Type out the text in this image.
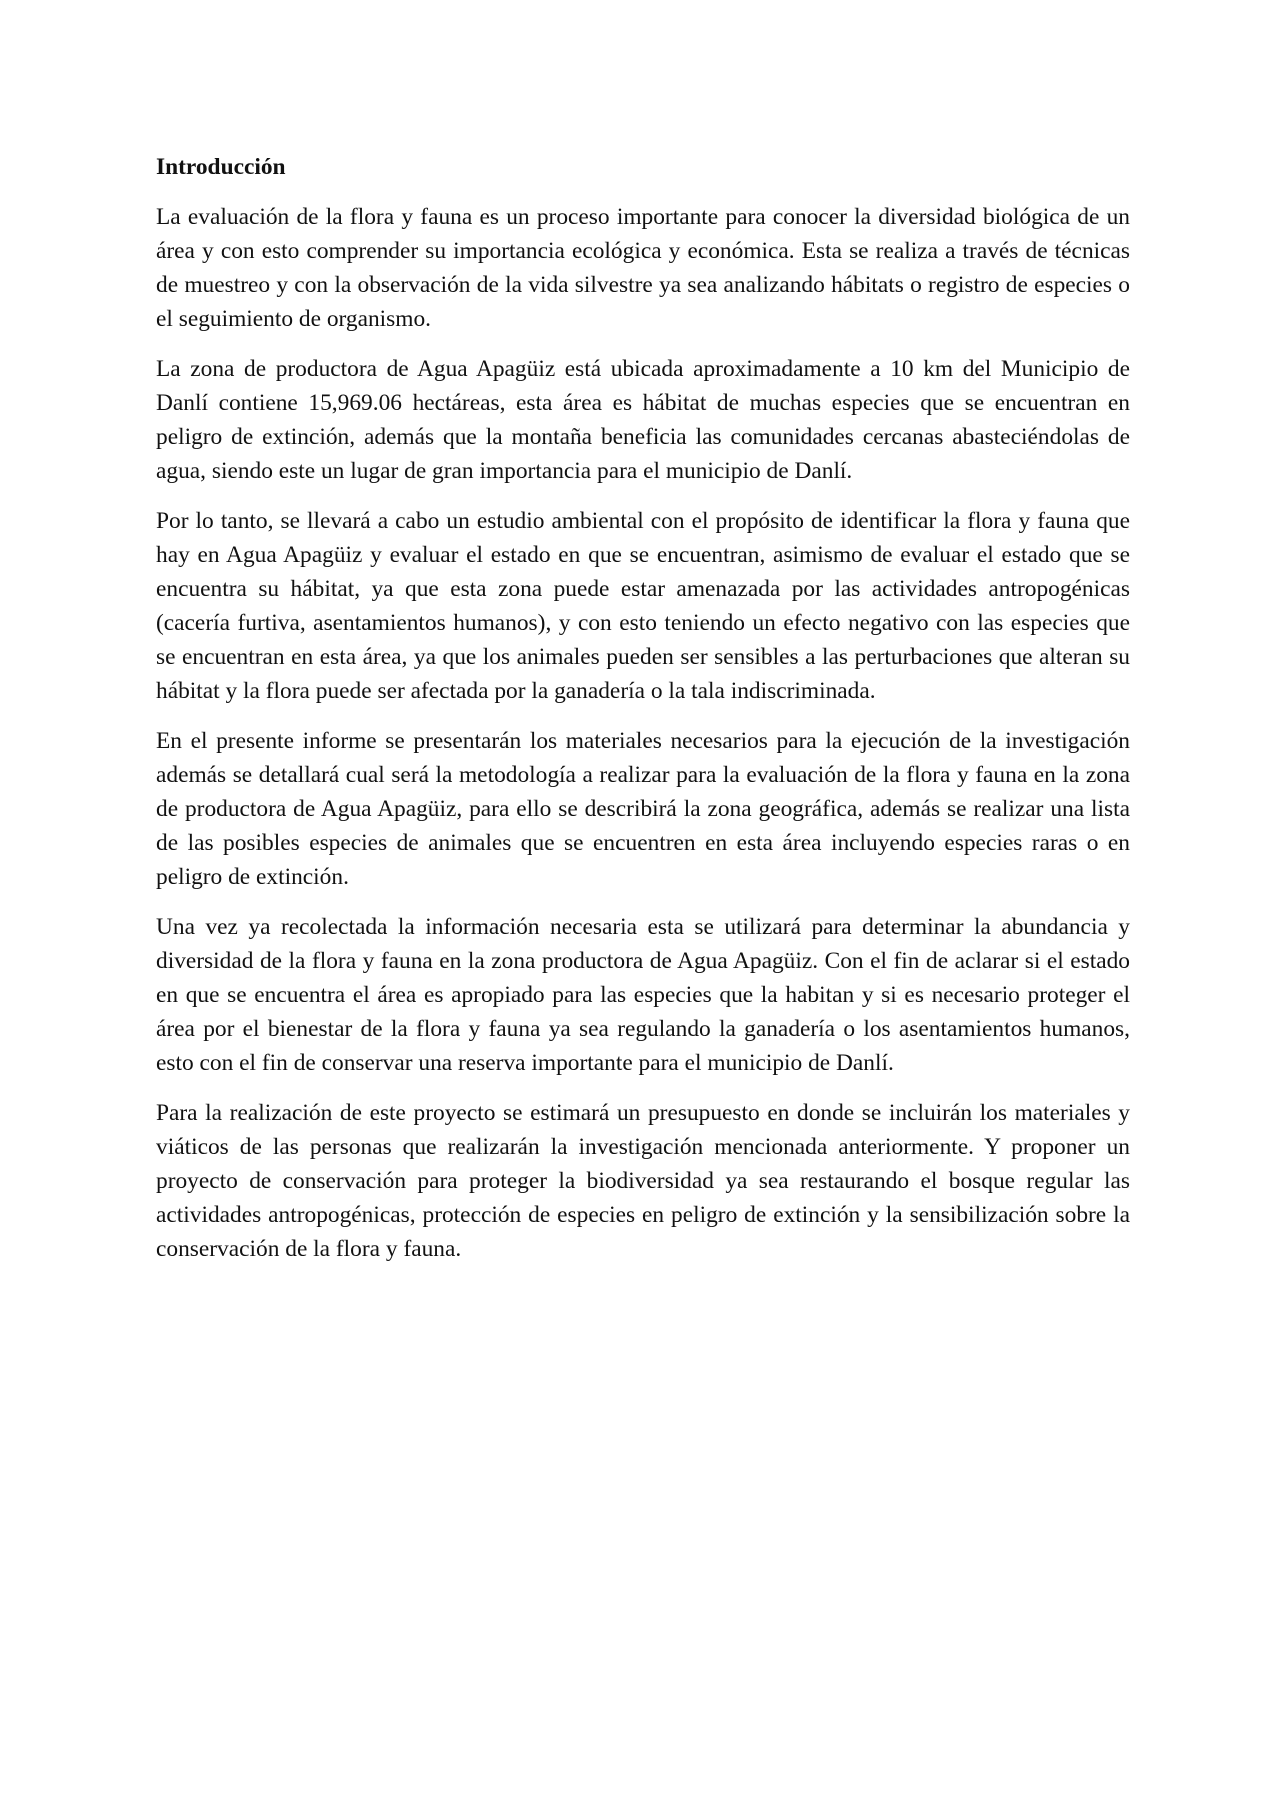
Introducción

La evaluación de la flora y fauna es un proceso importante para conocer la diversidad biológica de un área y con esto comprender su importancia ecológica y económica. Esta se realiza a través de técnicas de muestreo y con la observación de la vida silvestre ya sea analizando hábitats o registro de especies o el seguimiento de organismo.

La zona de productora de Agua Apagüiz está ubicada aproximadamente a 10 km del Municipio de Danlí contiene 15,969.06 hectáreas, esta área es hábitat de muchas especies que se encuentran en peligro de extinción, además que la montaña beneficia las comunidades cercanas abasteciéndolas de agua, siendo este un lugar de gran importancia para el municipio de Danlí.

Por lo tanto, se llevará a cabo un estudio ambiental con el propósito de identificar la flora y fauna que hay en Agua Apagüiz y evaluar el estado en que se encuentran, asimismo de evaluar el estado que se encuentra su hábitat, ya que esta zona puede estar amenazada por las actividades antropogénicas (cacería furtiva, asentamientos humanos), y con esto teniendo un efecto negativo con las especies que se encuentran en esta área, ya que los animales pueden ser sensibles a las perturbaciones que alteran su hábitat y la flora puede ser afectada por la ganadería o la tala indiscriminada.

En el presente informe se presentarán los materiales necesarios para la ejecución de la investigación además se detallará cual será la metodología a realizar para la evaluación de la flora y fauna en la zona de productora de Agua Apagüiz, para ello se describirá la zona geográfica, además se realizar una lista de las posibles especies de animales que se encuentren en esta área incluyendo especies raras o en peligro de extinción.

Una vez ya recolectada la información necesaria esta se utilizará para determinar la abundancia y diversidad de la flora y fauna en la zona productora de Agua Apagüiz. Con el fin de aclarar si el estado en que se encuentra el área es apropiado para las especies que la habitan y si es necesario proteger el área por el bienestar de la flora y fauna ya sea regulando la ganadería o los asentamientos humanos, esto con el fin de conservar una reserva importante para el municipio de Danlí.

Para la realización de este proyecto se estimará un presupuesto en donde se incluirán los materiales y viáticos de las personas que realizarán la investigación mencionada anteriormente. Y proponer un proyecto de conservación para proteger la biodiversidad ya sea restaurando el bosque regular las actividades antropogénicas, protección de especies en peligro de extinción y la sensibilización sobre la conservación de la flora y fauna.
